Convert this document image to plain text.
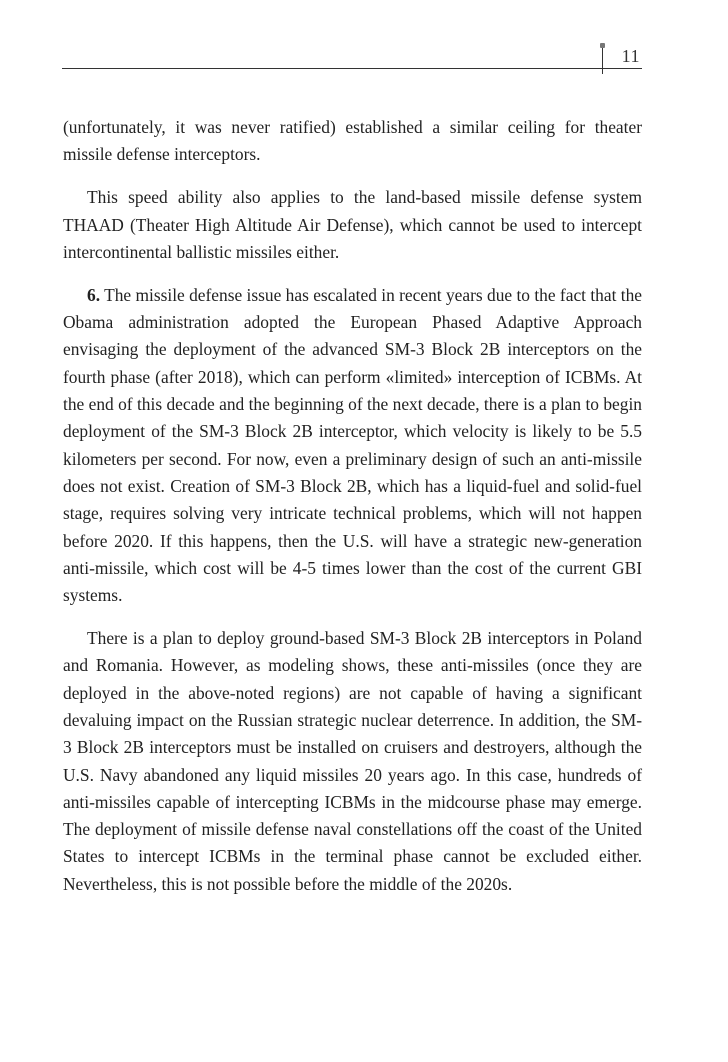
11

(unfortunately, it was never ratified) established a similar ceiling for theater missile defense interceptors.

This speed ability also applies to the land-based missile defense system THAAD (Theater High Altitude Air Defense), which cannot be used to intercept intercontinental ballistic missiles either.

6. The missile defense issue has escalated in recent years due to the fact that the Obama administration adopted the European Phased Adaptive Approach envisaging the deployment of the advanced SM-3 Block 2B interceptors on the fourth phase (after 2018), which can perform «limited» interception of ICBMs. At the end of this decade and the beginning of the next decade, there is a plan to begin deployment of the SM-3 Block 2B interceptor, which velocity is likely to be 5.5 kilometers per second. For now, even a preliminary design of such an anti-missile does not exist. Creation of SM-3 Block 2B, which has a liquid-fuel and solid-fuel stage, requires solving very intricate technical problems, which will not happen before 2020. If this happens, then the U.S. will have a strategic new-generation anti-missile, which cost will be 4-5 times lower than the cost of the current GBI systems.

There is a plan to deploy ground-based SM-3 Block 2B interceptors in Poland and Romania. However, as modeling shows, these anti-missiles (once they are deployed in the above-noted regions) are not capable of having a significant devaluing impact on the Russian strategic nuclear deterrence. In addition, the SM-3 Block 2B interceptors must be installed on cruisers and destroyers, although the U.S. Navy abandoned any liquid missiles 20 years ago. In this case, hundreds of anti-missiles capable of intercepting ICBMs in the midcourse phase may emerge. The deployment of missile defense naval constellations off the coast of the United States to intercept ICBMs in the terminal phase cannot be excluded either. Nevertheless, this is not possible before the middle of the 2020s.
